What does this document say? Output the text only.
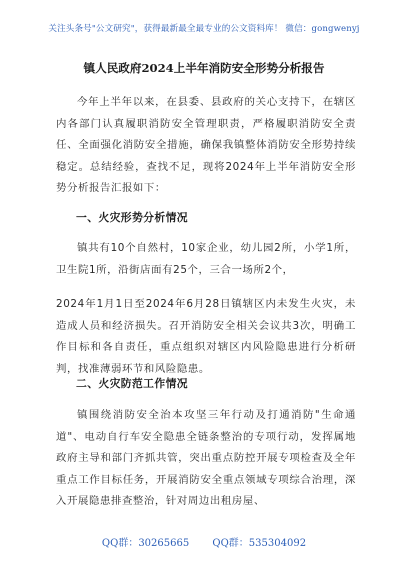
关注头条号"公文研究"，获得最新最全最专业的公文资料库！ 微信：gongwenyj
镇人民政府2024上半年消防安全形势分析报告
今年上半年以来，在县委、县政府的关心支持下，在辖区内各部门认真履职消防安全管理职责，严格履职消防安全责任、全面强化消防安全措施，确保我镇整体消防安全形势持续稳定。总结经验，查找不足，现将2024年上半年消防安全形势分析报告汇报如下：
一、火灾形势分析情况
镇共有10个自然村，10家企业，幼儿园2所，小学1所，卫生院1所，沿街店面有25个，三合一场所2个，
2024年1月1日至2024年6月28日镇辖区内未发生火灾，未造成人员和经济损失。召开消防安全相关会议共3次，明确工作目标和各自责任，重点组织对辖区内风险隐患进行分析研判，找准薄弱环节和风险隐患。
二、火灾防范工作情况
镇围绕消防安全治本攻坚三年行动及打通消防"生命通道"、电动自行车安全隐患全链条整治的专项行动，发挥属地政府主导和部门齐抓共管，突出重点防控开展专项检查及全年重点工作目标任务，开展消防安全重点领域专项综合治理，深入开展隐患排查整治，针对周边出租房屋、
QQ群：30265665 QQ群：535304092
